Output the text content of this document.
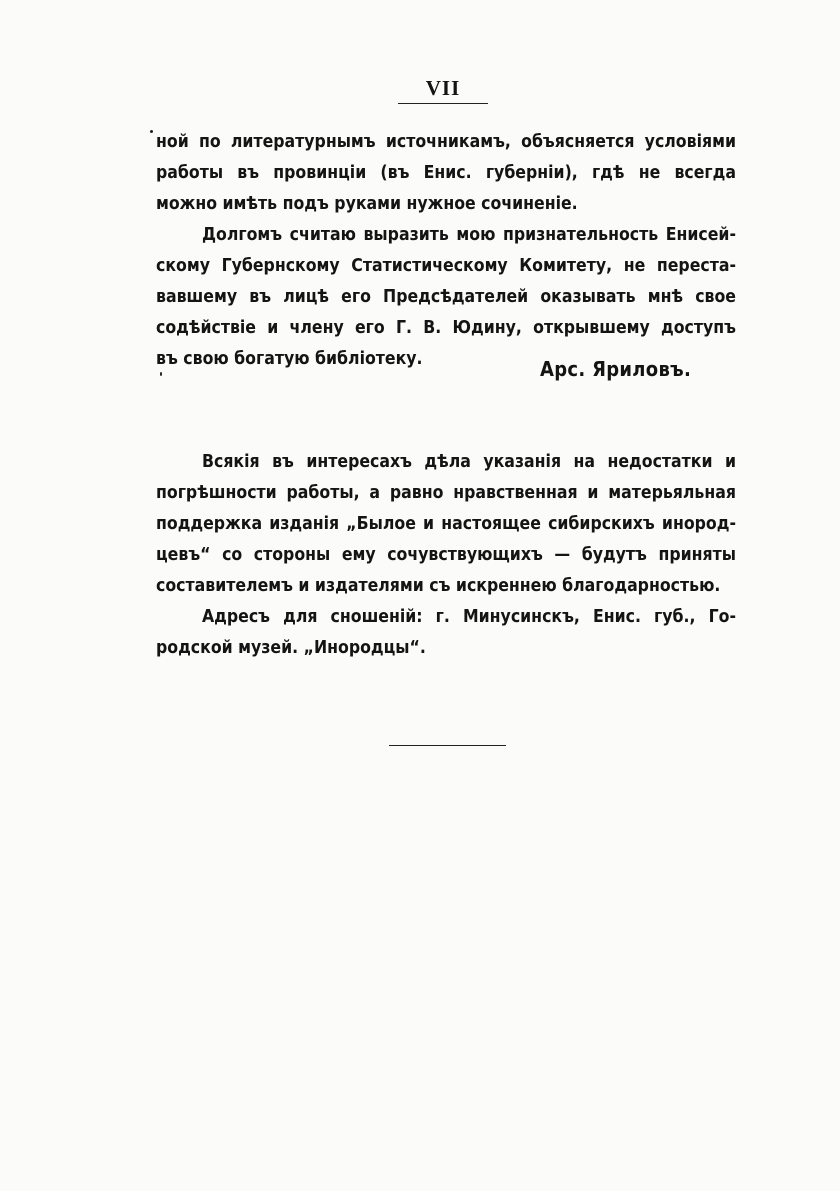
VII
ной по литературнымъ источникамъ, объясняется условіями
работы въ провинціи (въ Енис. губерніи), гдѣ не всегда
можно имѣть подъ руками нужное сочиненіе.
Долгомъ считаю выразить мою признательность Енисей-
скому Губернскому Статистическому Комитету, не переста-
вавшему въ лицѣ его Предсѣдателей оказывать мнѣ свое
содѣйствіе и члену его Г. В. Юдину, открывшему доступъ
въ свою богатую библіотеку.	Арс. Яриловъ.
Всякія въ интересахъ дѣла указанія на недостатки и
погрѣшности работы, а равно нравственная и матерьяльная
поддержка изданія „Былое и настоящее сибирскихъ инород-
цевъ“ со стороны ему сочувствующихъ — будутъ приняты
составителемъ и издателями съ искреннею благодарностью.
Адресъ для сношеній: г. Минусинскъ, Енис. губ., Го-
родской музей. „Инородцы“.
